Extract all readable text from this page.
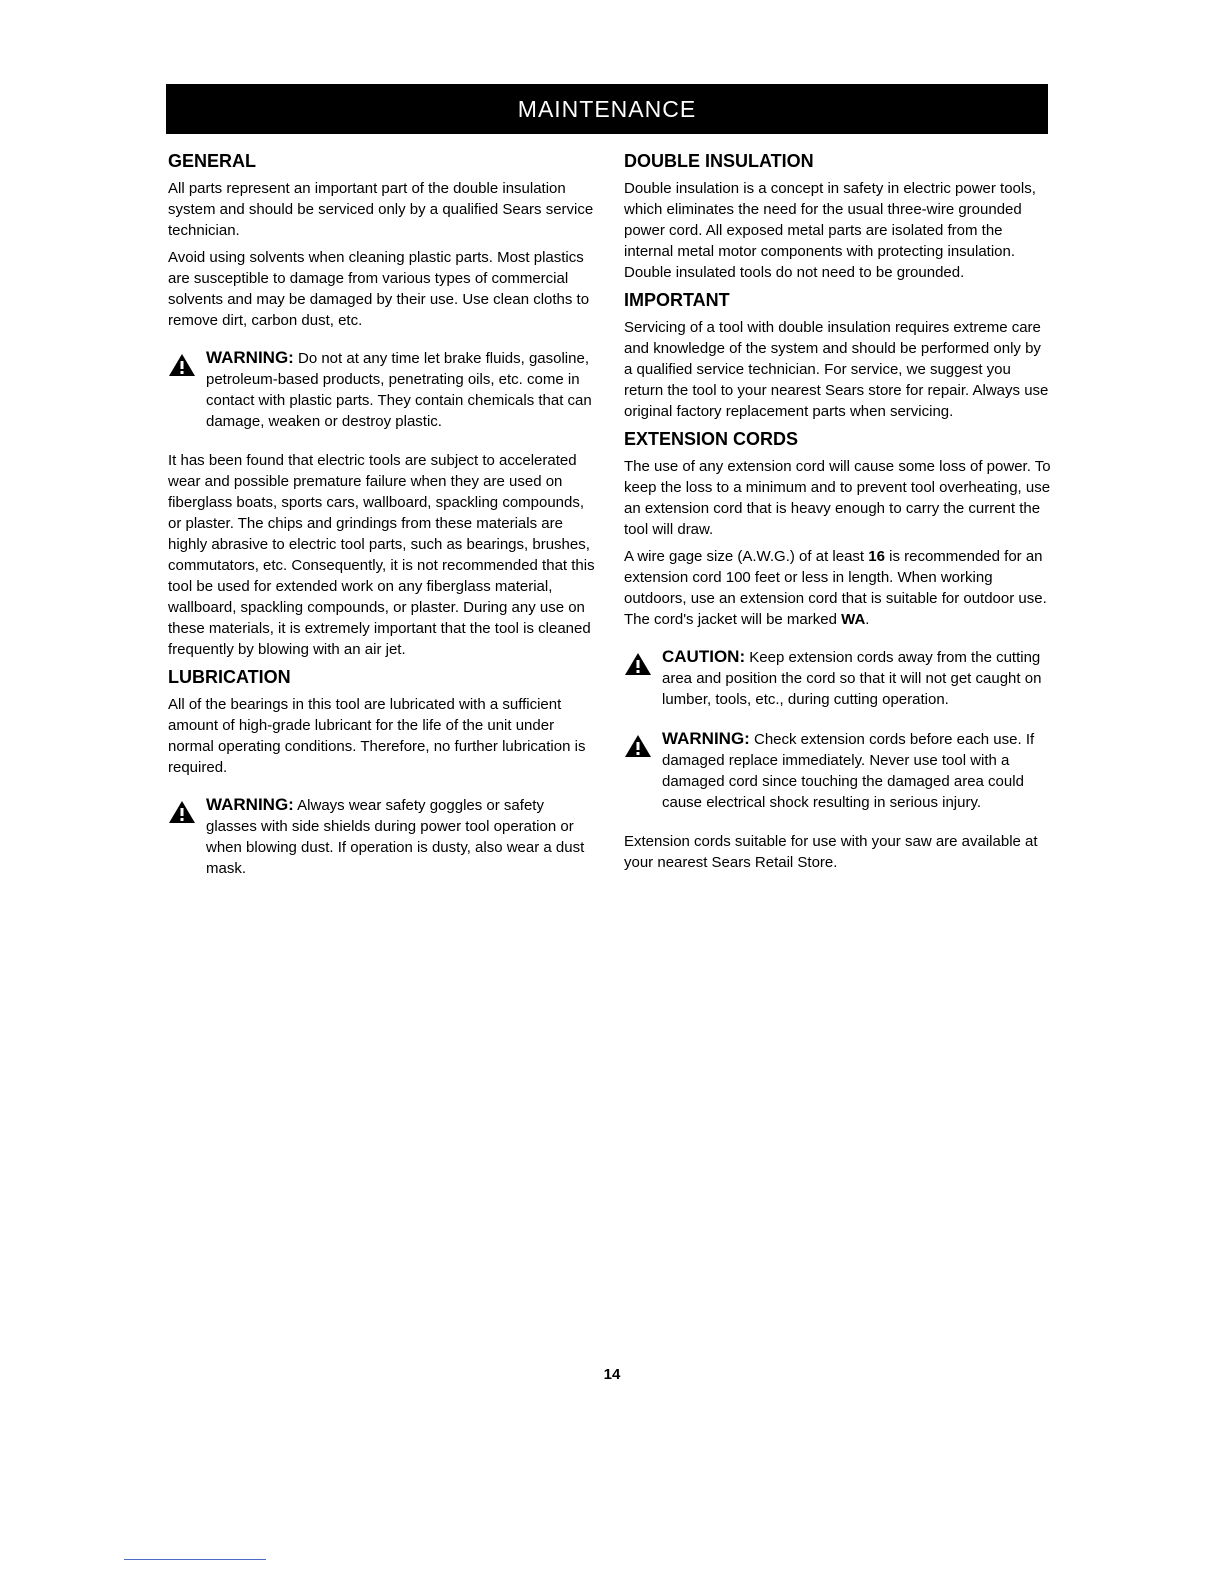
MAINTENANCE
GENERAL

All parts represent an important part of the double insulation system and should be serviced only by a qualified Sears service technician.

Avoid using solvents when cleaning plastic parts. Most plastics are susceptible to damage from various types of commercial solvents and may be damaged by their use. Use clean cloths to remove dirt, carbon dust, etc.

WARNING: Do not at any time let brake fluids, gasoline, petroleum-based products, penetrating oils, etc. come in contact with plastic parts. They contain chemicals that can damage, weaken or destroy plastic.

It has been found that electric tools are subject to accelerated wear and possible premature failure when they are used on fiberglass boats, sports cars, wallboard, spackling compounds, or plaster. The chips and grindings from these materials are highly abrasive to electric tool parts, such as bearings, brushes, commutators, etc. Consequently, it is not recommended that this tool be used for extended work on any fiberglass material, wallboard, spackling compounds, or plaster. During any use on these materials, it is extremely important that the tool is cleaned frequently by blowing with an air jet.

LUBRICATION

All of the bearings in this tool are lubricated with a sufficient amount of high-grade lubricant for the life of the unit under normal operating conditions. Therefore, no further lubrication is required.

WARNING: Always wear safety goggles or safety glasses with side shields during power tool operation or when blowing dust. If operation is dusty, also wear a dust mask.
DOUBLE INSULATION

Double insulation is a concept in safety in electric power tools, which eliminates the need for the usual three-wire grounded power cord. All exposed metal parts are isolated from the internal metal motor components with protecting insulation. Double insulated tools do not need to be grounded.

IMPORTANT

Servicing of a tool with double insulation requires extreme care and knowledge of the system and should be performed only by a qualified service technician. For service, we suggest you return the tool to your nearest Sears store for repair. Always use original factory replacement parts when servicing.

EXTENSION CORDS

The use of any extension cord will cause some loss of power. To keep the loss to a minimum and to prevent tool overheating, use an extension cord that is heavy enough to carry the current the tool will draw.

A wire gage size (A.W.G.) of at least 16 is recommended for an extension cord 100 feet or less in length. When working outdoors, use an extension cord that is suitable for outdoor use. The cord's jacket will be marked WA.

CAUTION: Keep extension cords away from the cutting area and position the cord so that it will not get caught on lumber, tools, etc., during cutting operation.
WARNING: Check extension cords before each use. If damaged replace immediately. Never use tool with a damaged cord since touching the damaged area could cause electrical shock resulting in serious injury.

Extension cords suitable for use with your saw are available at your nearest Sears Retail Store.

14
